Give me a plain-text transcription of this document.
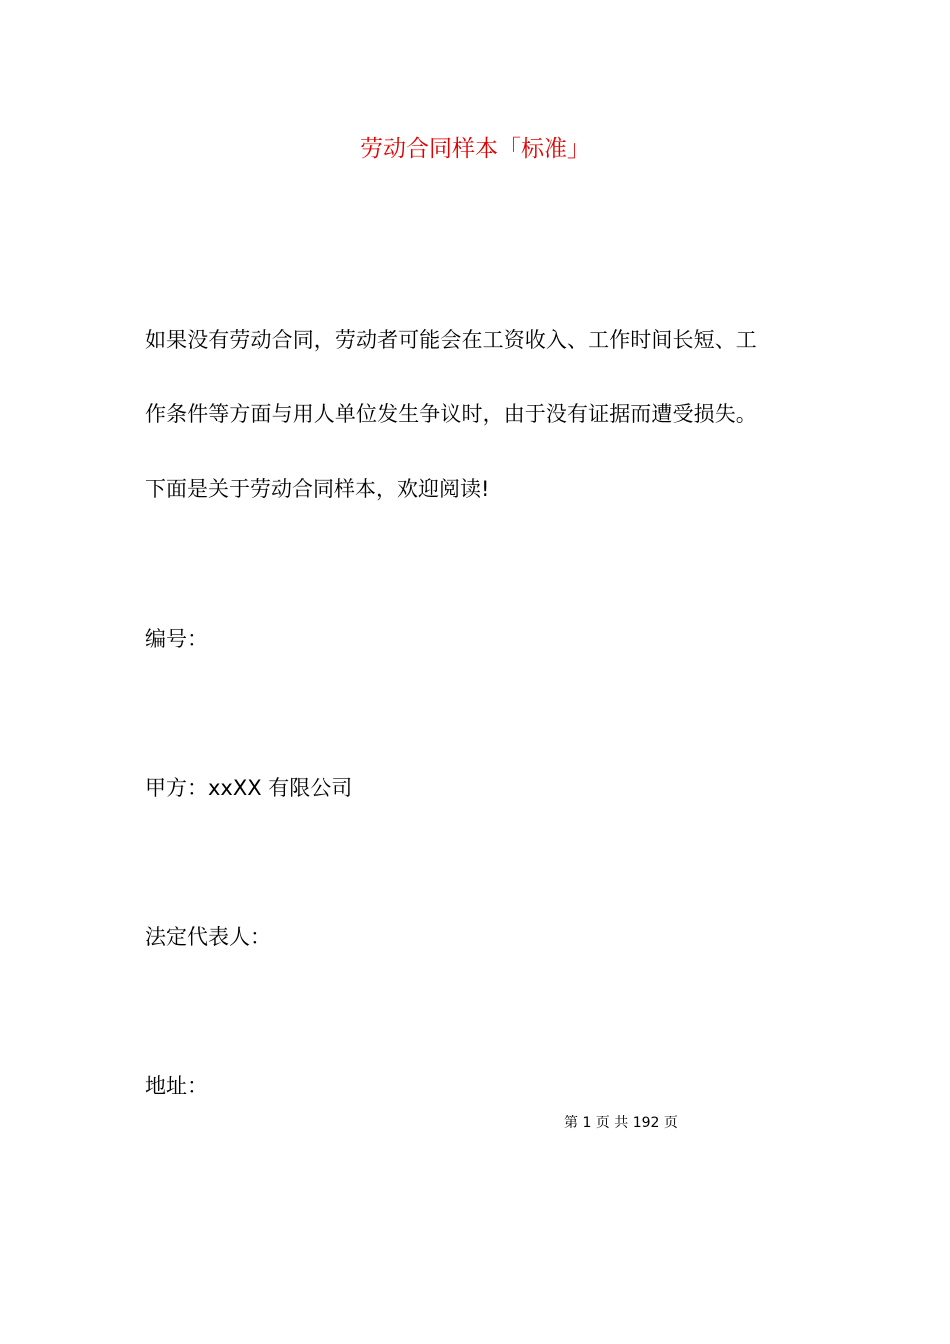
劳动合同样本「标准」
如果没有劳动合同，劳动者可能会在工资收入、工作时间长短、工
作条件等方面与用人单位发生争议时，由于没有证据而遭受损失。
下面是关于劳动合同样本，欢迎阅读!
编号：
甲方：xxXX 有限公司
法定代表人：
地址：
第 1 页 共 192 页
